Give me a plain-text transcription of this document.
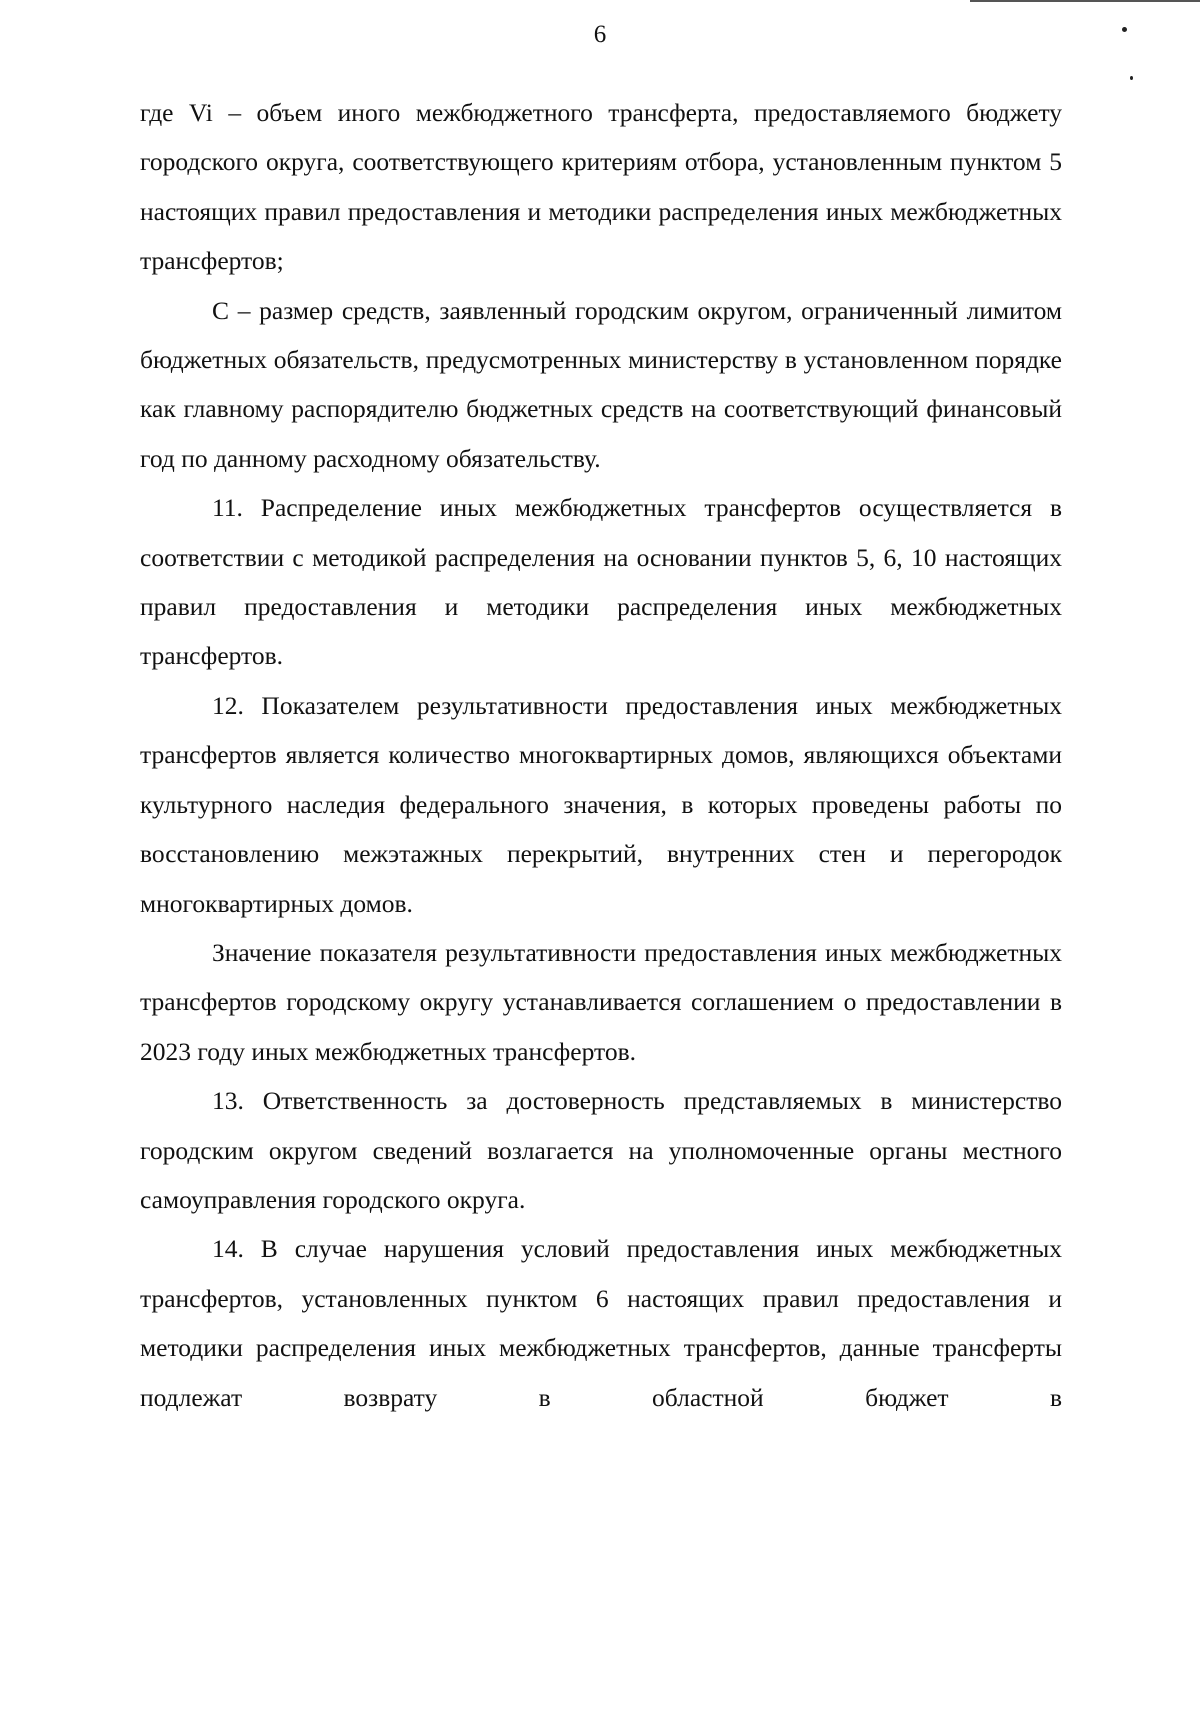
6

где Vi – объем иного межбюджетного трансферта, предоставляемого бюджету городского округа, соответствующего критериям отбора, установленным пунктом 5 настоящих правил предоставления и методики распределения иных межбюджетных трансфертов;

С – размер средств, заявленный городским округом, ограниченный лимитом бюджетных обязательств, предусмотренных министерству в установленном порядке как главному распорядителю бюджетных средств на соответствующий финансовый год по данному расходному обязательству.

11. Распределение иных межбюджетных трансфертов осуществляется в соответствии с методикой распределения на основании пунктов 5, 6, 10 настоящих правил предоставления и методики распределения иных межбюджетных трансфертов.

12. Показателем результативности предоставления иных межбюджетных трансфертов является количество многоквартирных домов, являющихся объектами культурного наследия федерального значения, в которых проведены работы по восстановлению межэтажных перекрытий, внутренних стен и перегородок многоквартирных домов.

Значение показателя результативности предоставления иных межбюджетных трансфертов городскому округу устанавливается соглашением о предоставлении в 2023 году иных межбюджетных трансфертов.

13. Ответственность за достоверность представляемых в министерство городским округом сведений возлагается на уполномоченные органы местного самоуправления городского округа.

14. В случае нарушения условий предоставления иных межбюджетных трансфертов, установленных пунктом 6 настоящих правил предоставления и методики распределения иных межбюджетных трансфертов, данные трансферты подлежат возврату в областной бюджет в
